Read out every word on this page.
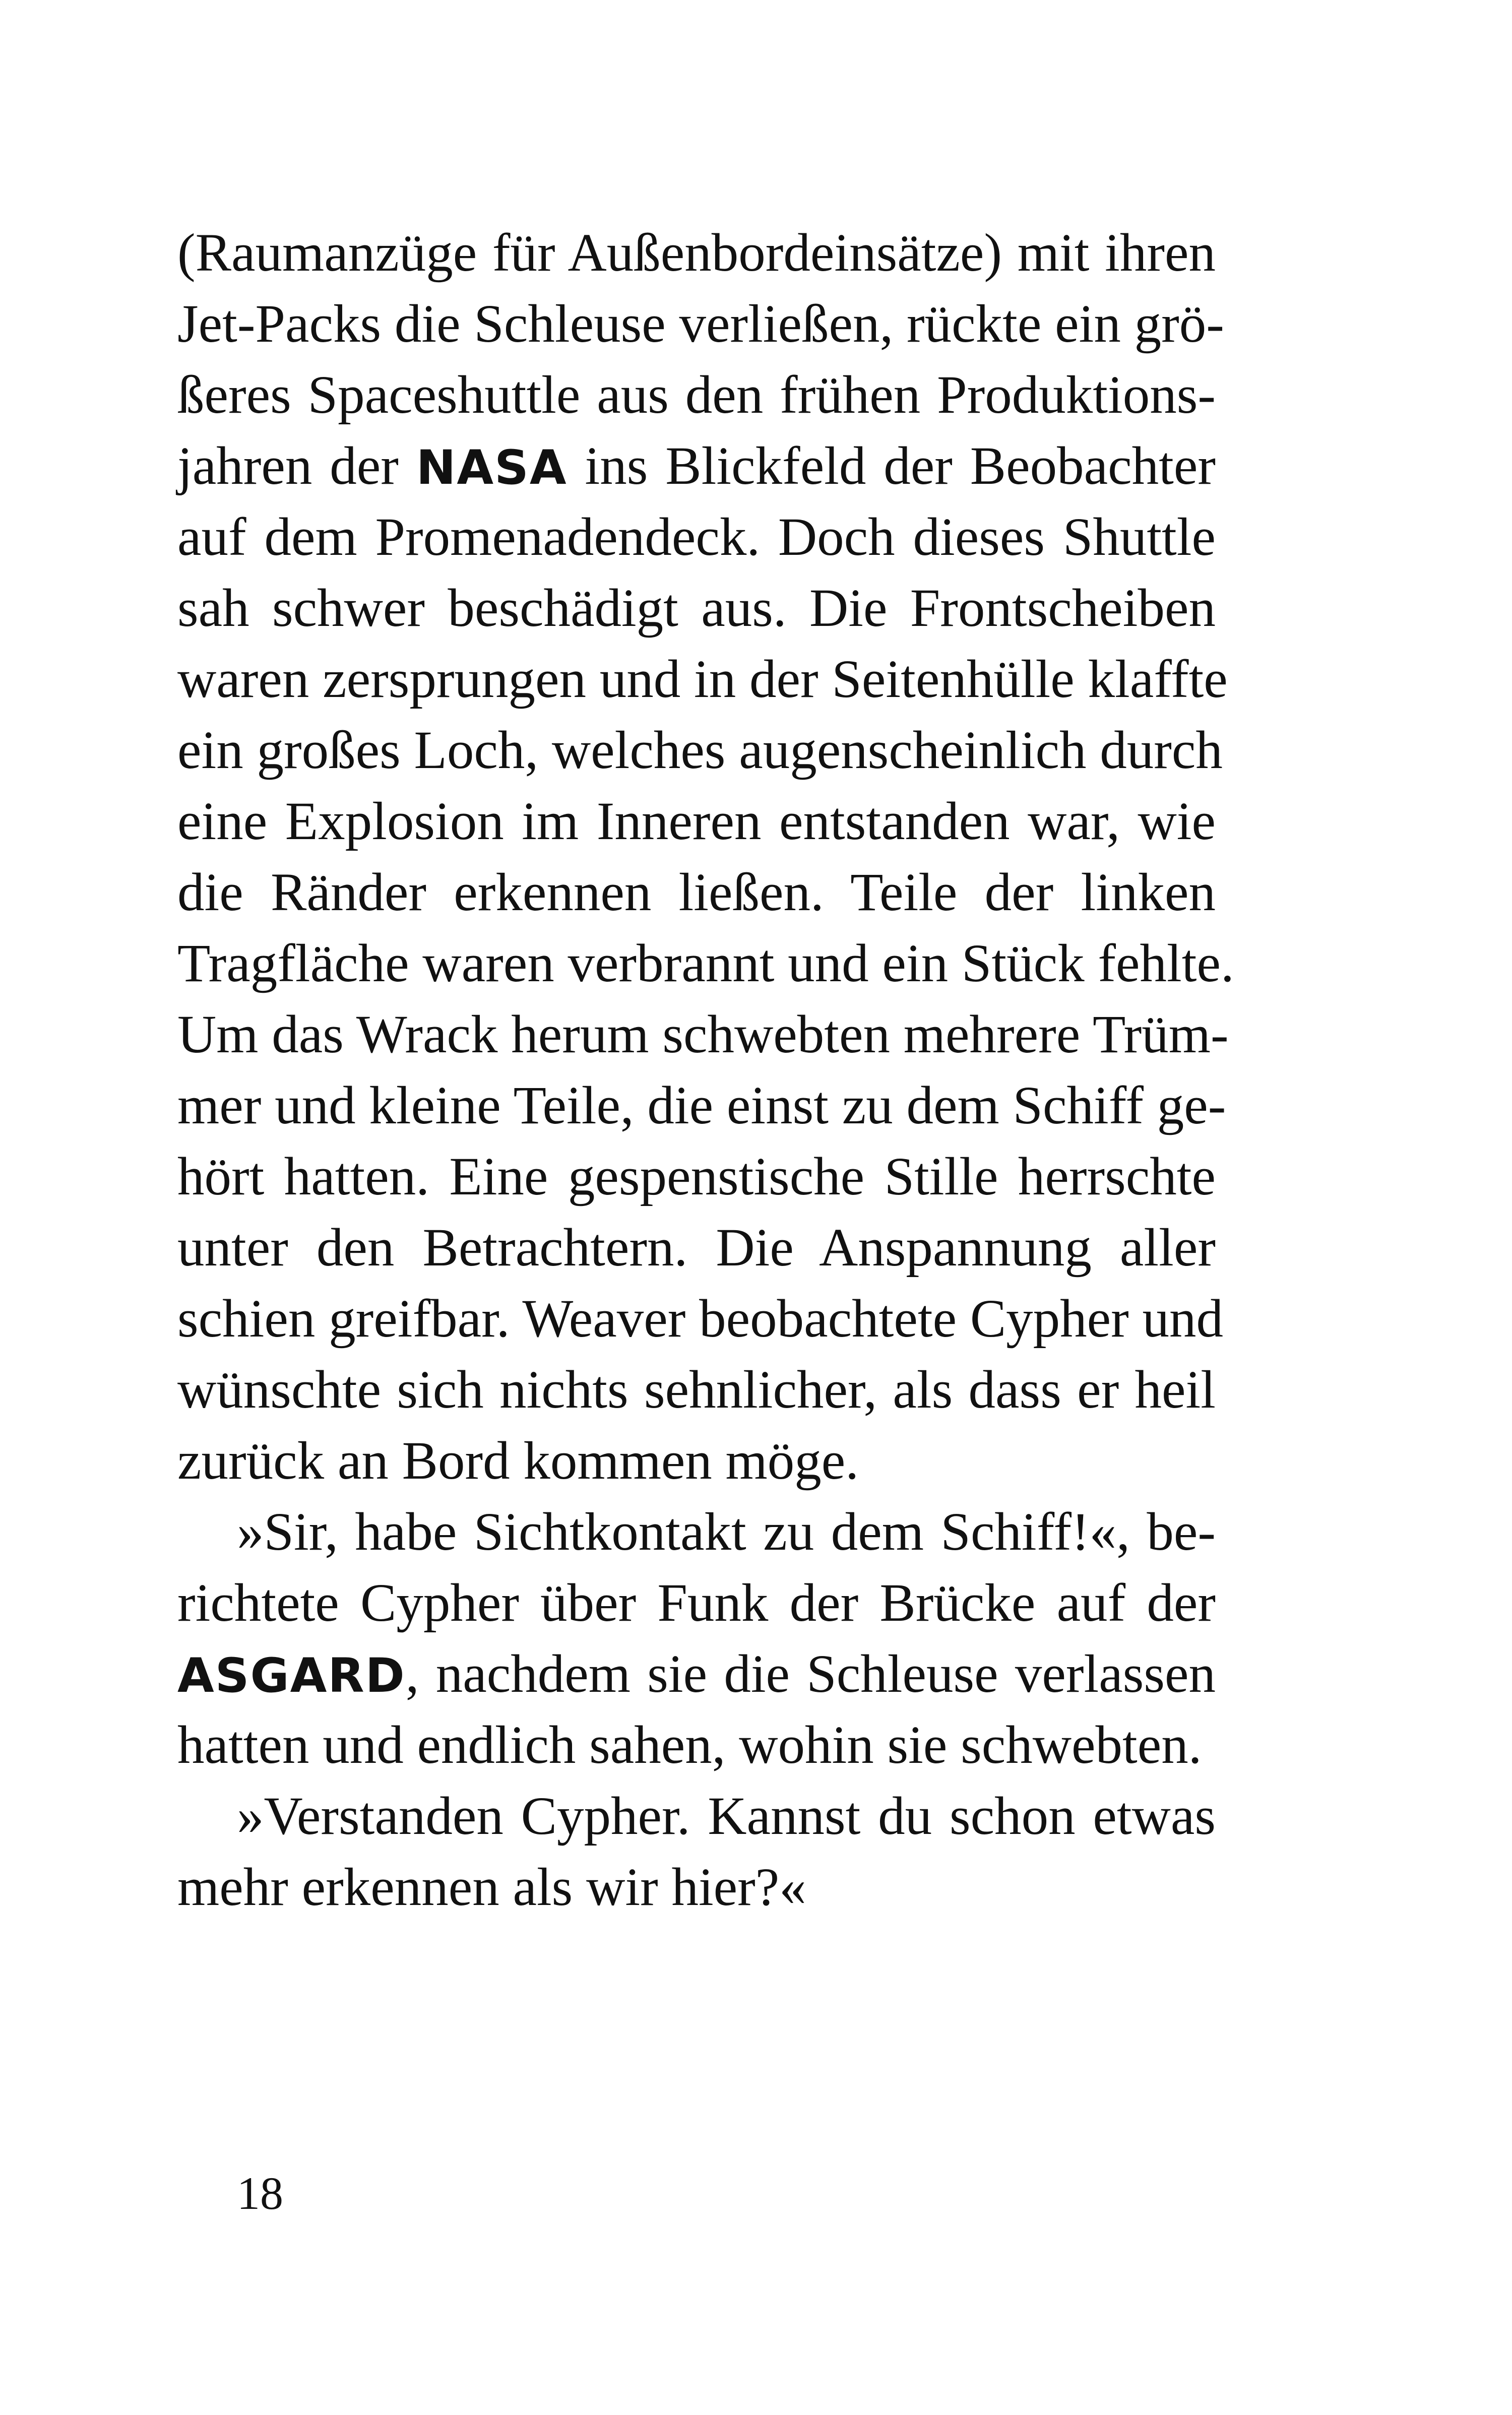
(Raumanzüge für Außenbordeinsätze) mit ihren
Jet-Packs die Schleuse verließen, rückte ein grö-
ßeres Spaceshuttle aus den frühen Produktions-
jahren der NASA ins Blickfeld der Beobachter
auf dem Promenadendeck. Doch dieses Shuttle
sah schwer beschädigt aus. Die Frontscheiben
waren zersprungen und in der Seitenhülle klaffte
ein großes Loch, welches augenscheinlich durch
eine Explosion im Inneren entstanden war, wie
die Ränder erkennen ließen. Teile der linken
Tragfläche waren verbrannt und ein Stück fehlte.
Um das Wrack herum schwebten mehrere Trüm-
mer und kleine Teile, die einst zu dem Schiff ge-
hört hatten. Eine gespenstische Stille herrschte
unter den Betrachtern. Die Anspannung aller
schien greifbar. Weaver beobachtete Cypher und
wünschte sich nichts sehnlicher, als dass er heil
zurück an Bord kommen möge.
»Sir, habe Sichtkontakt zu dem Schiff!«, be-
richtete Cypher über Funk der Brücke auf der
ASGARD, nachdem sie die Schleuse verlassen
hatten und endlich sahen, wohin sie schwebten.
»Verstanden Cypher. Kannst du schon etwas
mehr erkennen als wir hier?«
18
